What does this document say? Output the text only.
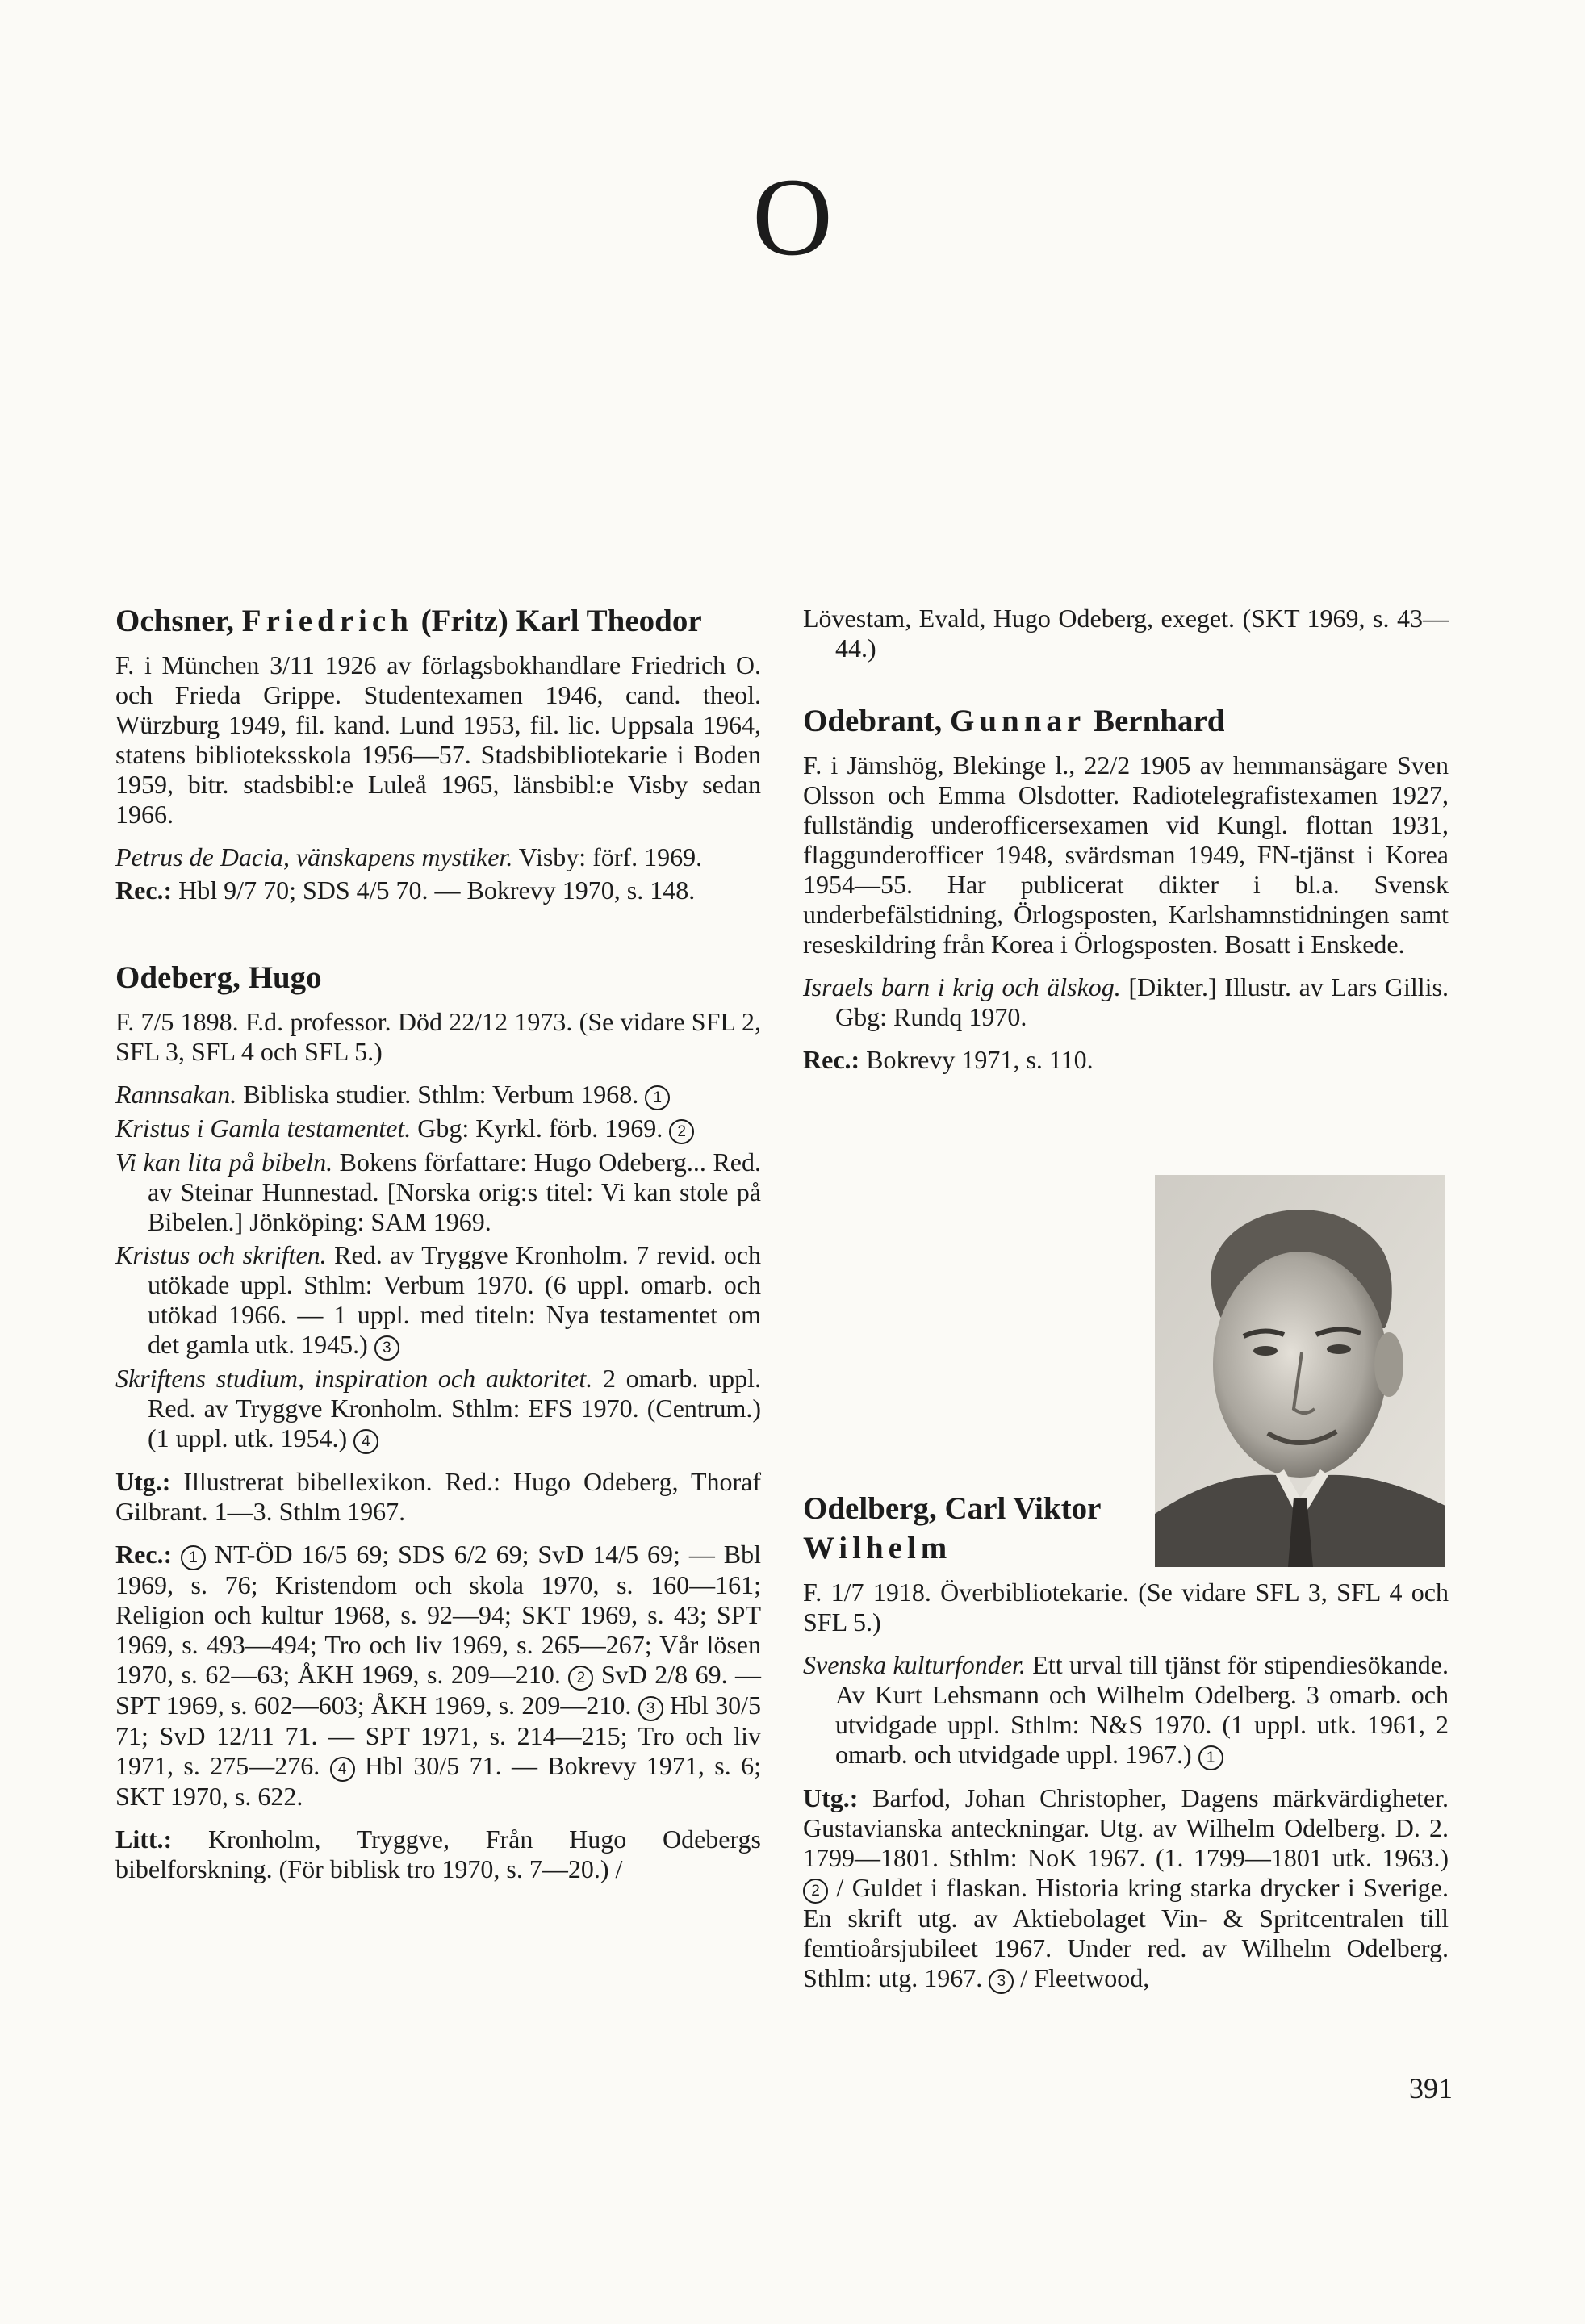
O
Ochsner, Friedrich (Fritz) Karl Theodor

F. i München 3/11 1926 av förlagsbokhandlare Friedrich O. och Frieda Grippe. Studentexamen 1946, cand. theol. Würzburg 1949, fil. kand. Lund 1953, fil. lic. Uppsala 1964, statens biblioteksskola 1956—57. Stadsbibliotekarie i Boden 1959, bitr. stadsbibl:e Luleå 1965, länsbibl:e Visby sedan 1966.

Petrus de Dacia, vänskapens mystiker. Visby: förf. 1969.

Rec.: Hbl 9/7 70; SDS 4/5 70. — Bokrevy 1970, s. 148.

Odeberg, Hugo

F. 7/5 1898. F.d. professor. Död 22/12 1973. (Se vidare SFL 2, SFL 3, SFL 4 och SFL 5.)

Rannsakan. Bibliska studier. Sthlm: Verbum 1968. 1

Kristus i Gamla testamentet. Gbg: Kyrkl. förb. 1969. 2

Vi kan lita på bibeln. Bokens författare: Hugo Odeberg... Red. av Steinar Hunnestad. [Norska orig:s titel: Vi kan stole på Bibelen.] Jönköping: SAM 1969.

Kristus och skriften. Red. av Tryggve Kronholm. 7 revid. och utökade uppl. Sthlm: Verbum 1970. (6 uppl. omarb. och utökad 1966. — 1 uppl. med titeln: Nya testamentet om det gamla utk. 1945.) 3

Skriftens studium, inspiration och auktoritet. 2 omarb. uppl. Red. av Tryggve Kronholm. Sthlm: EFS 1970. (Centrum.) (1 uppl. utk. 1954.) 4

Utg.: Illustrerat bibellexikon. Red.: Hugo Odeberg, Thoraf Gilbrant. 1—3. Sthlm 1967.

Rec.: 1 NT-ÖD 16/5 69; SDS 6/2 69; SvD 14/5 69; — Bbl 1969, s. 76; Kristendom och skola 1970, s. 160—161; Religion och kultur 1968, s. 92—94; SKT 1969, s. 43; SPT 1969, s. 493—494; Tro och liv 1969, s. 265—267; Vår lösen 1970, s. 62—63; ÅKH 1969, s. 209—210. 2 SvD 2/8 69. — SPT 1969, s. 602—603; ÅKH 1969, s. 209—210. 3 Hbl 30/5 71; SvD 12/11 71. — SPT 1971, s. 214—215; Tro och liv 1971, s. 275—276. 4 Hbl 30/5 71. — Bokrevy 1971, s. 6; SKT 1970, s. 622.

Litt.: Kronholm, Tryggve, Från Hugo Odebergs bibelforskning. (För biblisk tro 1970, s. 7—20.) /

Lövestam, Evald, Hugo Odeberg, exeget. (SKT 1969, s. 43—44.)

Odebrant, Gunnar Bernhard

F. i Jämshög, Blekinge l., 22/2 1905 av hemmansägare Sven Olsson och Emma Olsdotter. Radiotelegrafistexamen 1927, fullständig underofficersexamen vid Kungl. flottan 1931, flaggunderofficer 1948, svärdsman 1949, FN-tjänst i Korea 1954—55. Har publicerat dikter i bl.a. Svensk underbefälstidning, Örlogsposten, Karlshamnstidningen samt reseskildring från Korea i Örlogsposten. Bosatt i Enskede.

Israels barn i krig och älskog. [Dikter.] Illustr. av Lars Gillis. Gbg: Rundq 1970.

Rec.: Bokrevy 1971, s. 110.

Odelberg, Carl Viktor
Wilhelm

F. 1/7 1918. Överbibliotekarie. (Se vidare SFL 3, SFL 4 och SFL 5.)

Svenska kulturfonder. Ett urval till tjänst för stipendiesökande. Av Kurt Lehsmann och Wilhelm Odelberg. 3 omarb. och utvidgade uppl. Sthlm: N&S 1970. (1 uppl. utk. 1961, 2 omarb. och utvidgade uppl. 1967.) 1

Utg.: Barfod, Johan Christopher, Dagens märkvärdigheter. Gustavianska anteckningar. Utg. av Wilhelm Odelberg. D. 2. 1799—1801. Sthlm: NoK 1967. (1. 1799—1801 utk. 1963.) 2 / Guldet i flaskan. Historia kring starka drycker i Sverige. En skrift utg. av Aktiebolaget Vin- & Spritcentralen till femtioårsjubileet 1967. Under red. av Wilhelm Odelberg. Sthlm: utg. 1967. 3 / Fleetwood,

391
